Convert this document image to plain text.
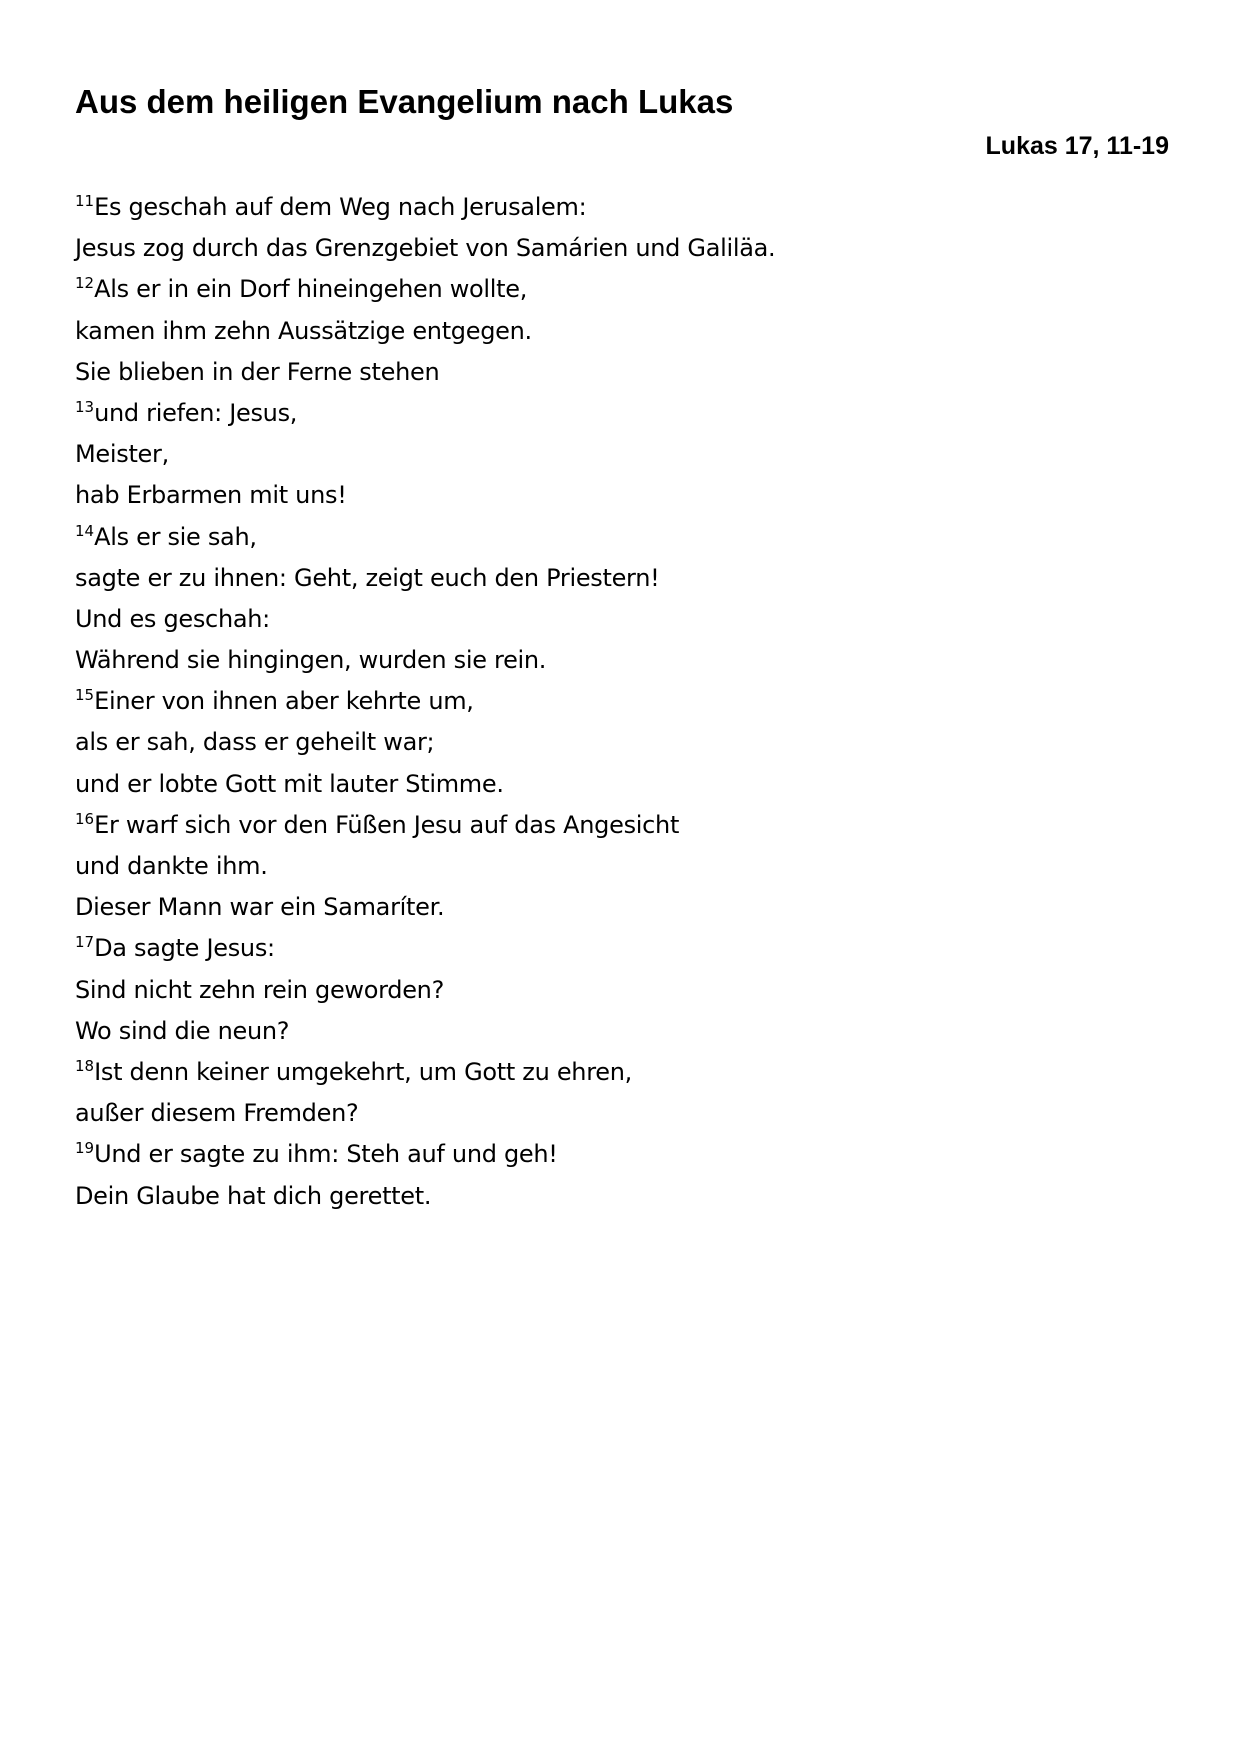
Aus dem heiligen Evangelium nach Lukas
Lukas 17, 11-19
$^{11}$Es geschah auf dem Weg nach Jerusalem:
Jesus zog durch das Grenzgebiet von Samárien und Galiläa.
$^{12}$Als er in ein Dorf hineingehen wollte,
kamen ihm zehn Aussätzige entgegen.
Sie blieben in der Ferne stehen
$^{13}$und riefen: Jesus,
Meister,
hab Erbarmen mit uns!
$^{14}$Als er sie sah,
sagte er zu ihnen: Geht, zeigt euch den Priestern!
Und es geschah:
Während sie hingingen, wurden sie rein.
$^{15}$Einer von ihnen aber kehrte um,
als er sah, dass er geheilt war;
und er lobte Gott mit lauter Stimme.
$^{16}$Er warf sich vor den Füßen Jesu auf das Angesicht
und dankte ihm.
Dieser Mann war ein Samaríter.
$^{17}$Da sagte Jesus:
Sind nicht zehn rein geworden?
Wo sind die neun?
$^{18}$Ist denn keiner umgekehrt, um Gott zu ehren,
außer diesem Fremden?
$^{19}$Und er sagte zu ihm: Steh auf und geh!
Dein Glaube hat dich gerettet.
